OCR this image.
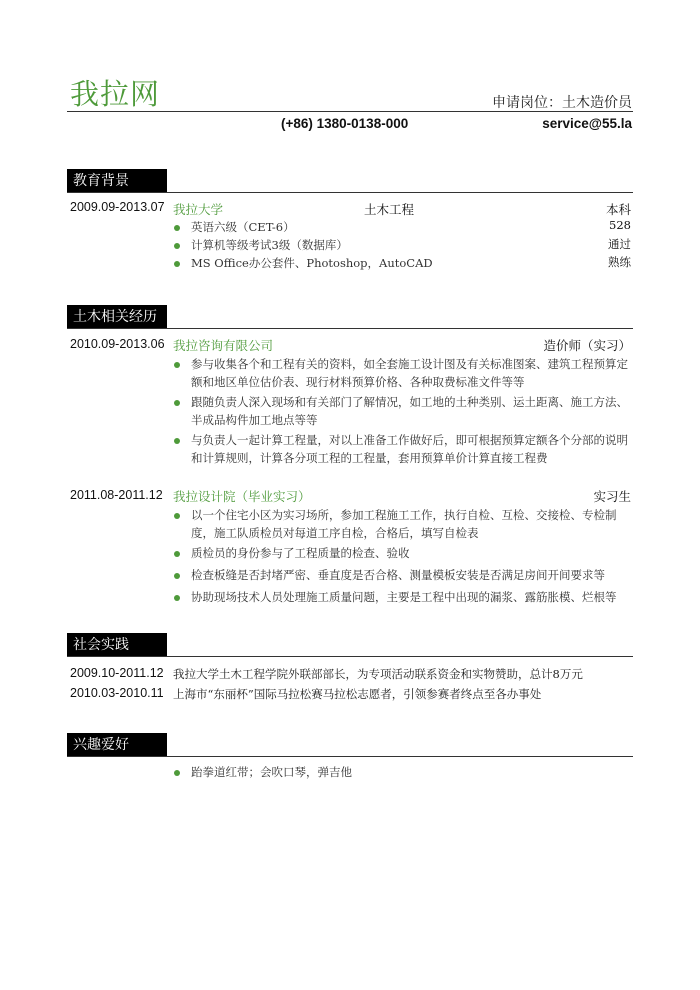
我拉网	申请岗位：土木造价员
(+86) 1380-0138-000	service@55.la
教育背景
2009.09-2013.07 我拉大学	土木工程	本科
英语六级（CET-6）	528
计算机等级考试3级（数据库）	通过
MS Office办公套件、Photoshop，AutoCAD	熟练
土木相关经历
2010.09-2013.06 我拉咨询有限公司	造价师（实习）
参与收集各个和工程有关的资料，如全套施工设计图及有关标准图案、建筑工程预算定额和地区单位估价表、现行材料预算价格、各种取费标准文件等等
跟随负责人深入现场和有关部门了解情况，如工地的土种类别、运土距离、施工方法、半成品构件加工地点等等
与负责人一起计算工程量，对以上准备工作做好后，即可根据预算定额各个分部的说明和计算规则，计算各分项工程的工程量，套用预算单价计算直接工程费
2011.08-2011.12 我拉设计院（毕业实习）	实习生
以一个住宅小区为实习场所，参加工程施工工作，执行自检、互检、交接检、专检制度，施工队质检员对每道工序自检，合格后，填写自检表
质检员的身份参与了工程质量的检查、验收
检查板缝是否封堵严密、垂直度是否合格、测量模板安装是否满足房间开间要求等
协助现场技术人员处理施工质量问题，主要是工程中出现的漏浆、露筋胀模、烂根等
社会实践
2009.10-2011.12 我拉大学土木工程学院外联部部长，为专项活动联系资金和实物赞助，总计8万元
2010.03-2010.11 上海市“东丽杯”国际马拉松赛马拉松志愿者，引领参赛者终点至各办事处
兴趣爱好
跆拳道红带；会吹口琴，弹吉他
